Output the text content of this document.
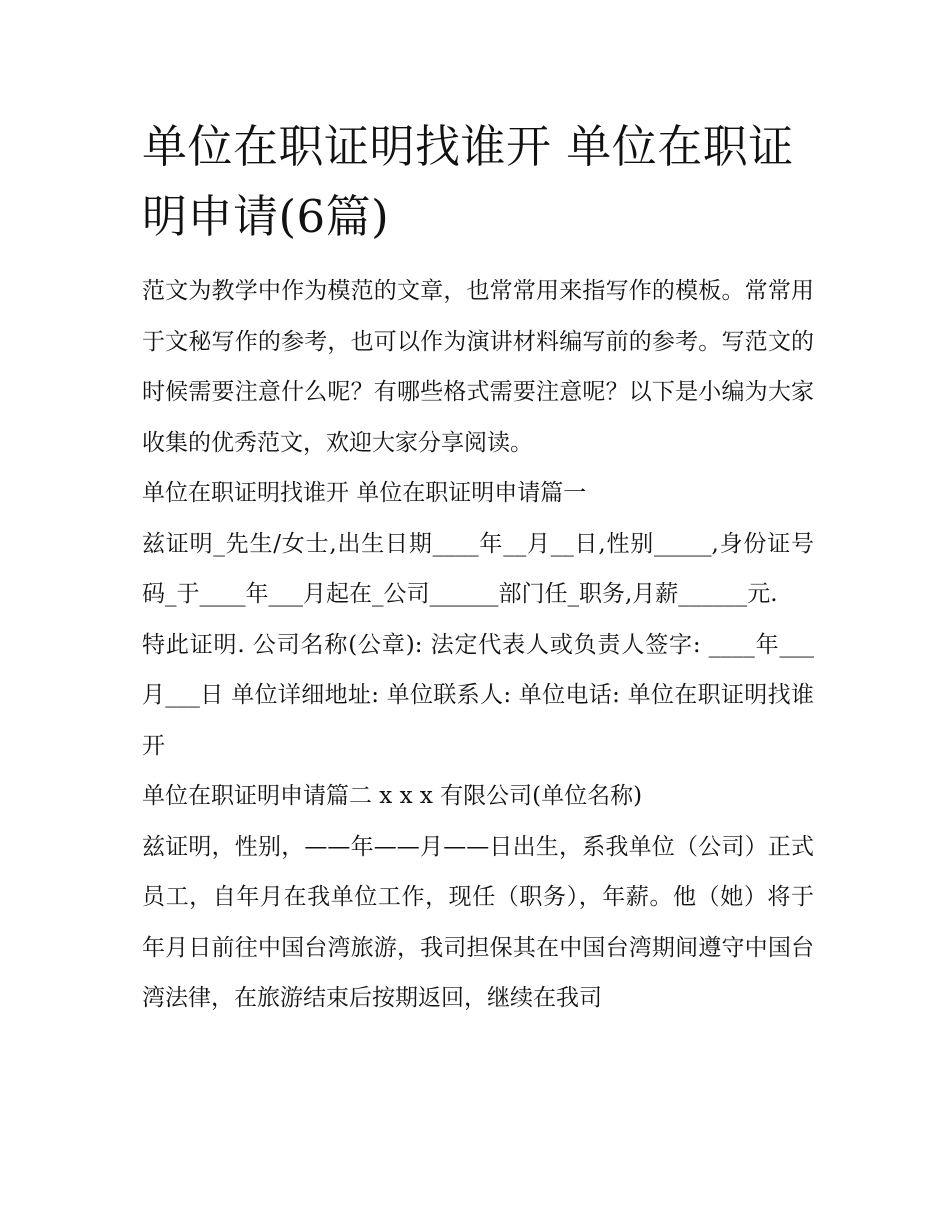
单位在职证明找谁开 单位在职证明申请(6篇)

范文为教学中作为模范的文章，也常常用来指写作的模板。常常用于文秘写作的参考，也可以作为演讲材料编写前的参考。写范文的时候需要注意什么呢？有哪些格式需要注意呢？以下是小编为大家收集的优秀范文，欢迎大家分享阅读。

单位在职证明找谁开 单位在职证明申请篇一

兹证明_先生/女士,出生日期____年__月__日,性别_____,身份证号码_于____年___月起在_公司______部门任_职务,月薪______元.

特此证明. 公司名称(公章): 法定代表人或负责人签字: ____年___月___日 单位详细地址: 单位联系人: 单位电话: 单位在职证明找谁开

单位在职证明申请篇二 x x x 有限公司(单位名称)

兹证明，性别，——年——月——日出生，系我单位（公司）正式员工，自年月在我单位工作，现任（职务），年薪。他（她）将于年月日前往中国台湾旅游，我司担保其在中国台湾期间遵守中国台湾法律，在旅游结束后按期返回，继续在我司
